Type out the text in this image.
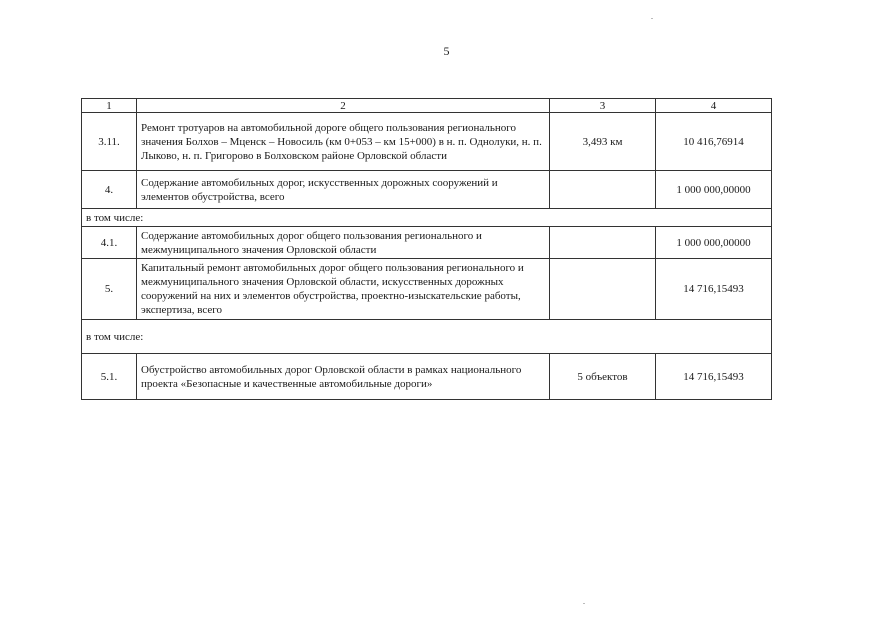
5
1	2	3	4
3.11.	Ремонт тротуаров на автомобильной дороге общего пользования регионального значения Болхов – Мценск – Новосиль (км 0+053 – км 15+000) в н. п. Однолуки, н. п. Лыково, н. п. Григорово в Болховском районе Орловской области	3,493 км	10 416,76914
4.	Содержание автомобильных дорог, искусственных дорожных сооружений и элементов обустройства, всего		1 000 000,00000
в том числе:			
4.1.	Содержание автомобильных дорог общего пользования регионального и межмуниципального значения Орловской области		1 000 000,00000
5.	Капитальный ремонт автомобильных дорог общего пользования регионального и межмуниципального значения Орловской области, искусственных дорожных сооружений на них и элементов обустройства, проектно-изыскательские работы, экспертиза, всего		14 716,15493
в том числе:			
5.1.	Обустройство автомобильных дорог Орловской области в рамках национального проекта «Безопасные и качественные автомобильные дороги»	5 объектов	14 716,15493
